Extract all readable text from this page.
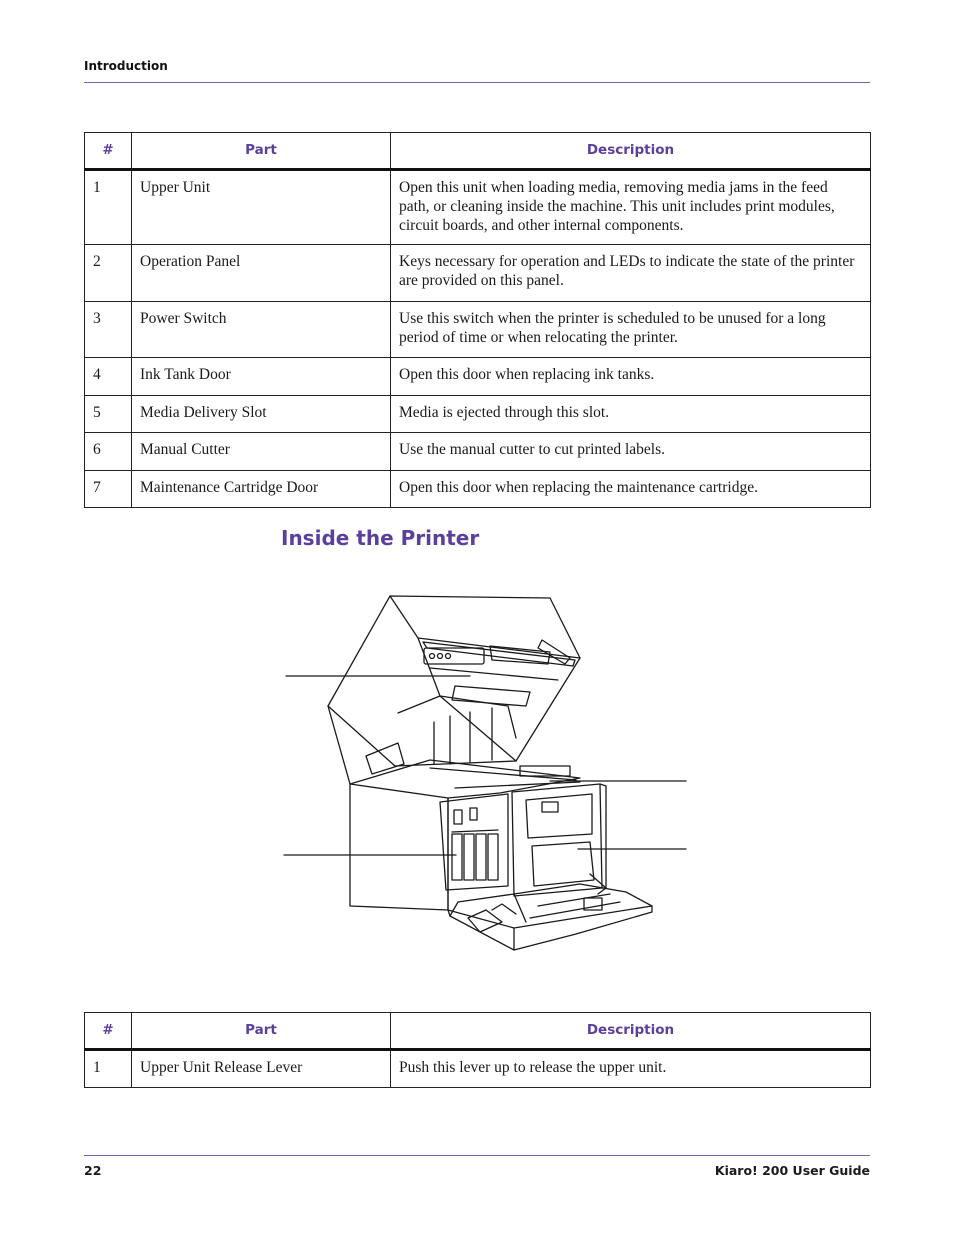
Introduction
#	Part	Description
1	Upper Unit	Open this unit when loading media, removing media jams in the feed path, or cleaning inside the machine. This unit includes print modules, circuit boards, and other internal components.
2	Operation Panel	Keys necessary for operation and LEDs to indicate the state of the printer are provided on this panel.
3	Power Switch	Use this switch when the printer is scheduled to be unused for a long period of time or when relocating the printer.
4	Ink Tank Door	Open this door when replacing ink tanks.
5	Media Delivery Slot	Media is ejected through this slot.
6	Manual Cutter	Use the manual cutter to cut printed labels.
7	Maintenance Cartridge Door	Open this door when replacing the maintenance cartridge.
Inside the Printer
#	Part	Description
1	Upper Unit Release Lever	Push this lever up to release the upper unit.
22	Kiaro! 200 User Guide
